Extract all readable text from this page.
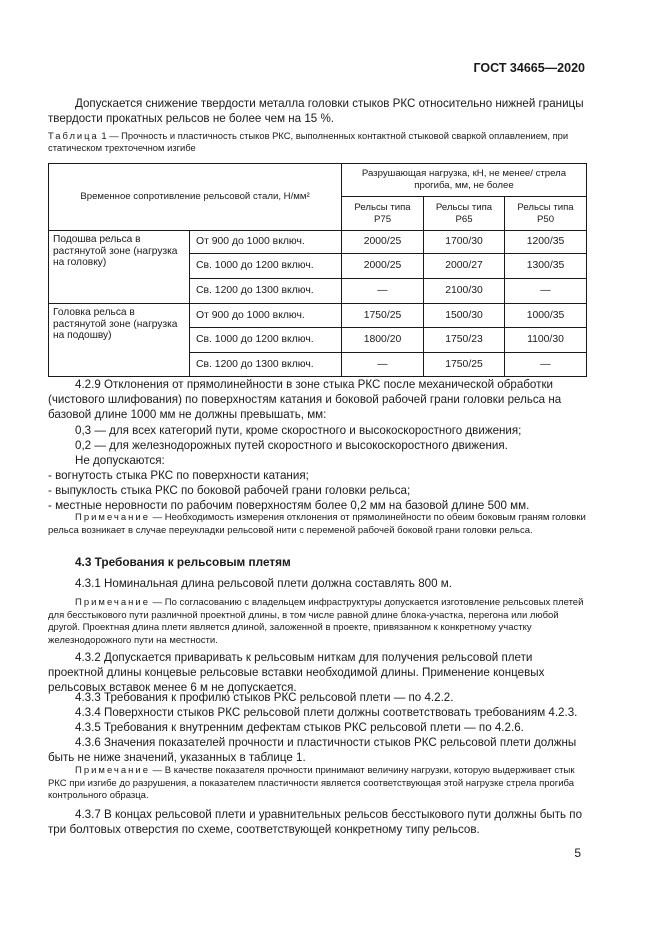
ГОСТ 34665—2020

Допускается снижение твердости металла головки стыков РКС относительно нижней границы твердости прокатных рельсов не более чем на 15 %.

Таблица 1 — Прочность и пластичность стыков РКС, выполненных контактной стыковой сваркой оплавлением, при статическом трехточечном изгибе

Временное сопротивление рельсовой стали, Н/мм²		Разрушающая нагрузка, кН, не менее/ стрела прогиба, мм, не более		
		Рельсы типа Р75	Рельсы типа Р65	Рельсы типа Р50
Подошва рельса в растянутой зоне (нагрузка на головку)	От 900 до 1000 включ.	2000/25	1700/30	1200/35
	Св. 1000 до 1200 включ.	2000/25	2000/27	1300/35
	Св. 1200 до 1300 включ.	—	2100/30	—
Головка рельса в растянутой зоне (нагрузка на подошву)	От 900 до 1000 включ.	1750/25	1500/30	1000/35
	Св. 1000 до 1200 включ.	1800/20	1750/23	1100/30
	Св. 1200 до 1300 включ.	—	1750/25	—

4.2.9 Отклонения от прямолинейности в зоне стыка РКС после механической обработки (чистового шлифования) по поверхностям катания и боковой рабочей грани головки рельса на базовой длине 1000 мм не должны превышать, мм:

0,3 — для всех категорий пути, кроме скоростного и высокоскоростного движения;
0,2 — для железнодорожных путей скоростного и высокоскоростного движения.
Не допускаются:
- вогнутость стыка РКС по поверхности катания;
- выпуклость стыка РКС по боковой рабочей грани головки рельса;
- местные неровности по рабочим поверхностям более 0,2 мм на базовой длине 500 мм.

Примечание — Необходимость измерения отклонения от прямолинейности по обеим боковым граням головки рельса возникает в случае переукладки рельсовой нити с переменой рабочей боковой грани головки рельса.

4.3 Требования к рельсовым плетям

4.3.1 Номинальная длина рельсовой плети должна составлять 800 м.

Примечание — По согласованию с владельцем инфраструктуры допускается изготовление рельсовых плетей для бесстыкового пути различной проектной длины, в том числе равной длине блока-участка, перегона или любой другой. Проектная длина плети является длиной, заложенной в проекте, привязанном к конкретному участку железнодорожного пути на местности.

4.3.2 Допускается приваривать к рельсовым ниткам для получения рельсовой плети проектной длины концевые рельсовые вставки необходимой длины. Применение концевых рельсовых вставок менее 6 м не допускается.

4.3.3 Требования к профилю стыков РКС рельсовой плети — по 4.2.2.

4.3.4 Поверхности стыков РКС рельсовой плети должны соответствовать требованиям 4.2.3.

4.3.5 Требования к внутренним дефектам стыков РКС рельсовой плети — по 4.2.6.

4.3.6 Значения показателей прочности и пластичности стыков РКС рельсовой плети должны быть не ниже значений, указанных в таблице 1.

Примечание — В качестве показателя прочности принимают величину нагрузки, которую выдерживает стык РКС при изгибе до разрушения, а показателем пластичности является соответствующая этой нагрузке стрела прогиба контрольного образца.

4.3.7 В концах рельсовой плети и уравнительных рельсов бесстыкового пути должны быть по три болтовых отверстия по схеме, соответствующей конкретному типу рельсов.

5
